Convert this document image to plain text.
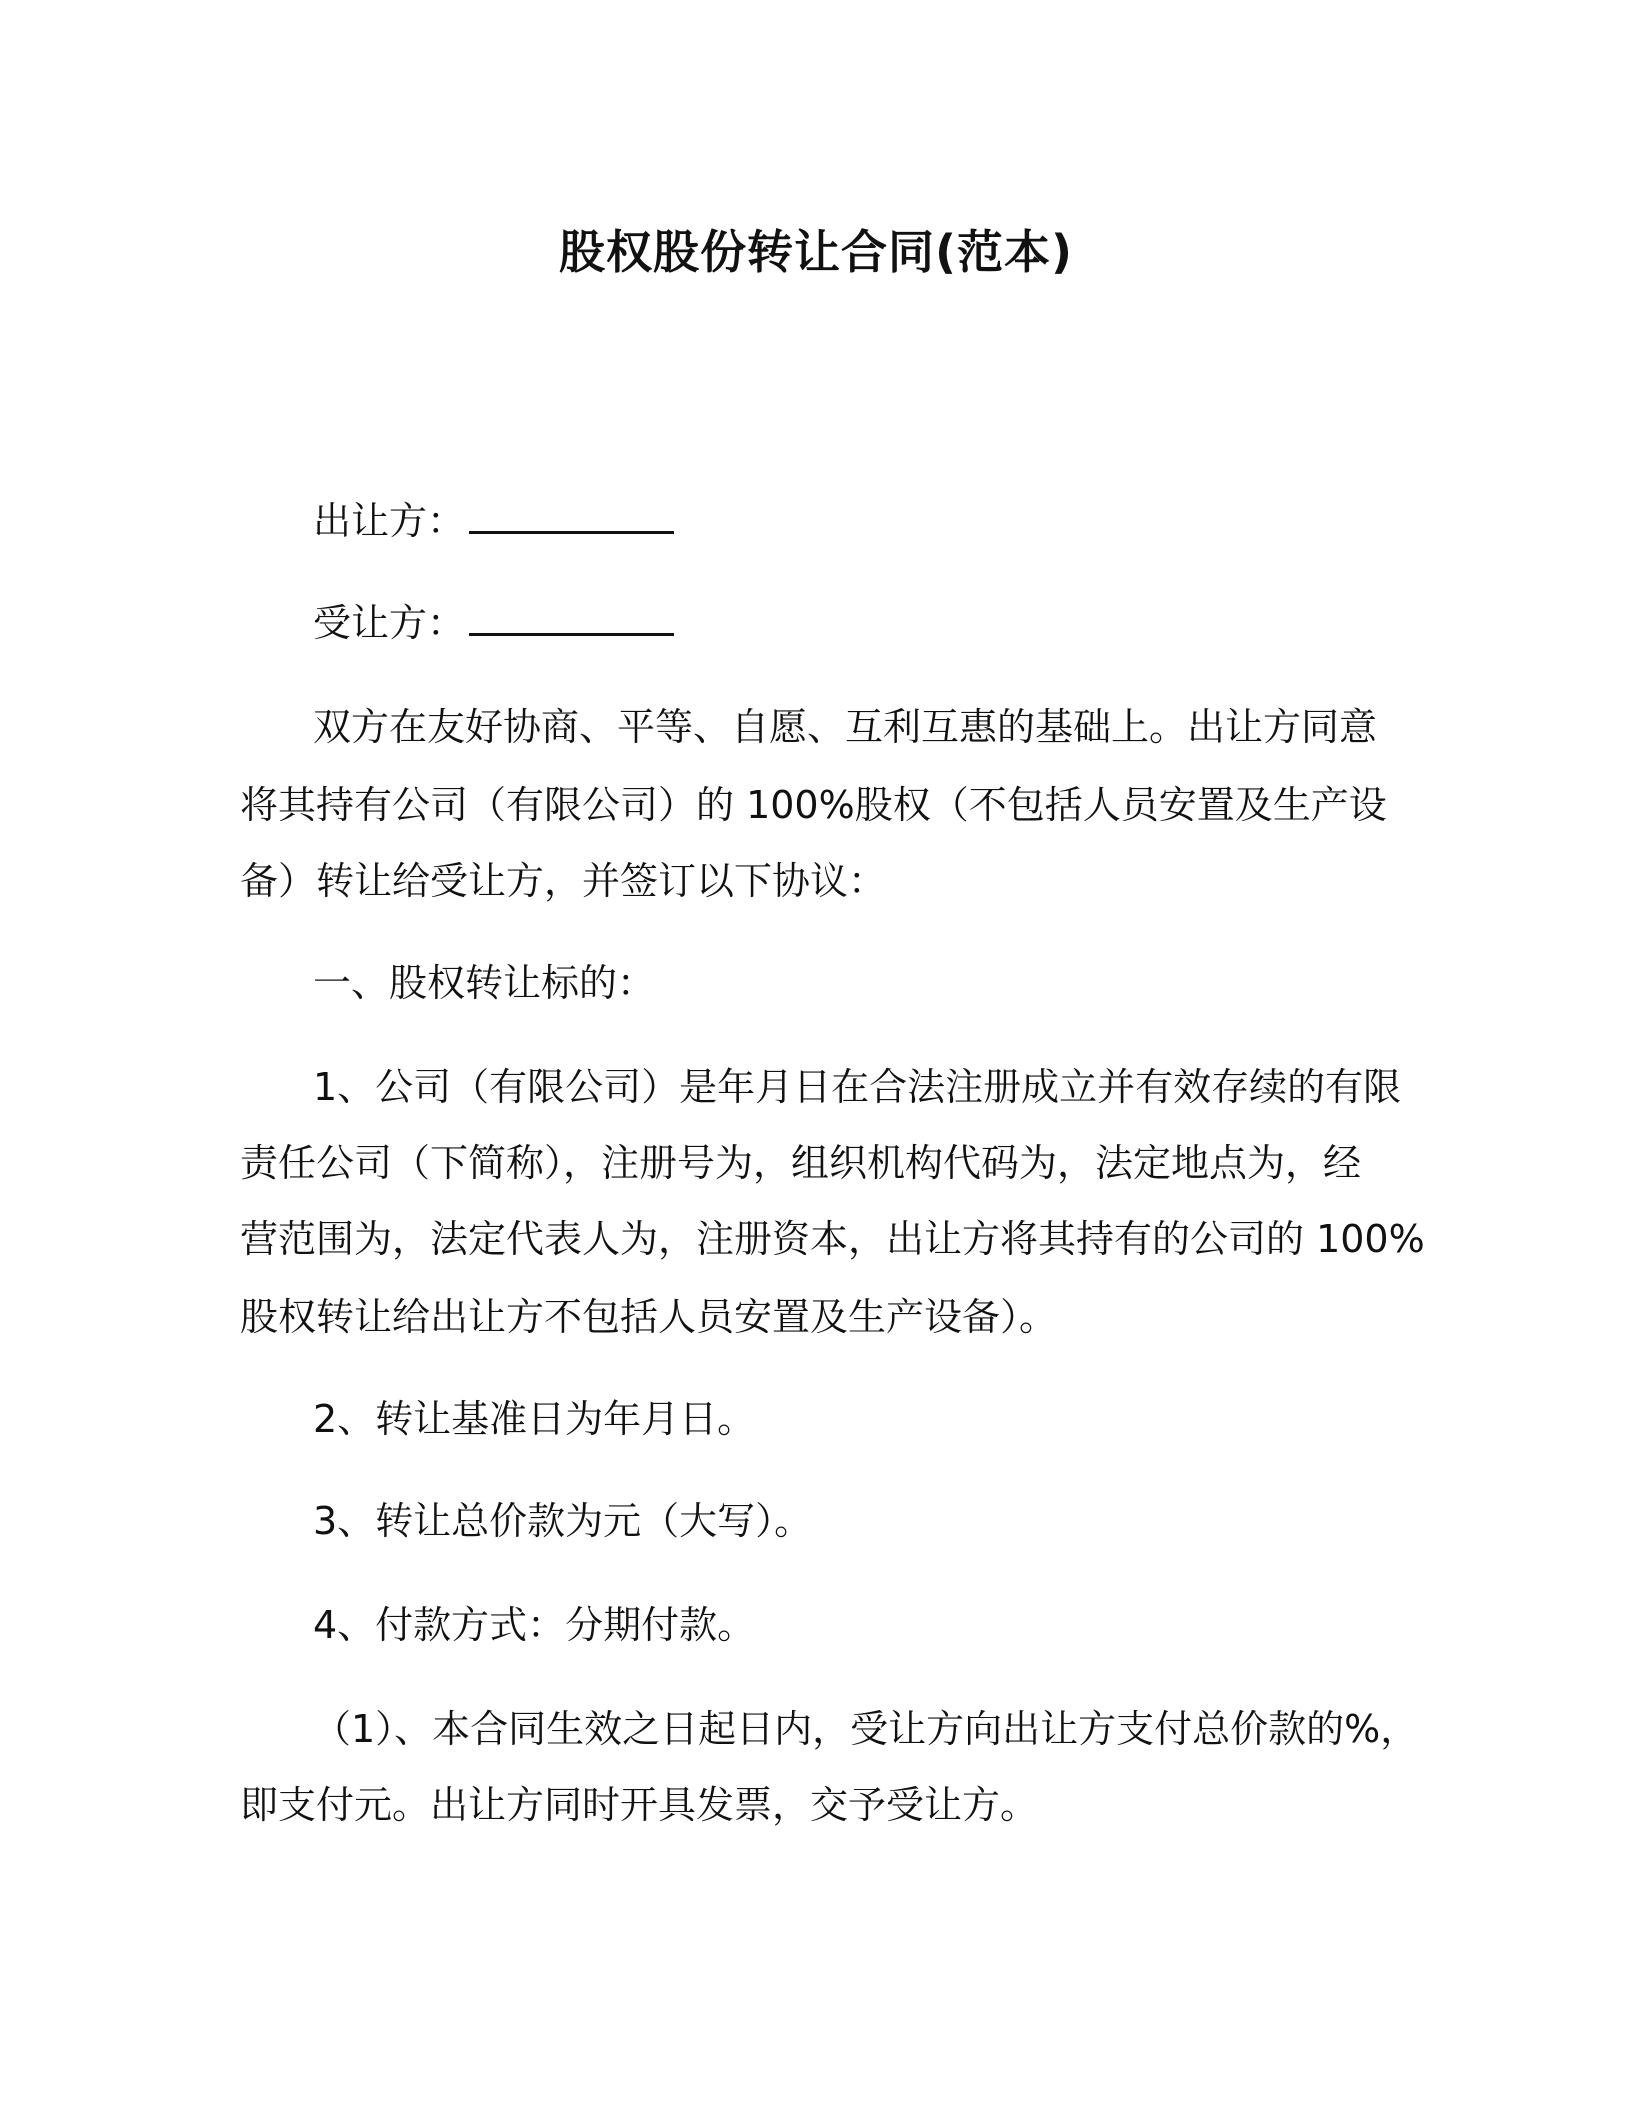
股权股份转让合同(范本)
出让方：
受让方：
双方在友好协商、平等、自愿、互利互惠的基础上。出让方同意
将其持有公司（有限公司）的 100%股权（不包括人员安置及生产设
备）转让给受让方，并签订以下协议：
一、股权转让标的：
1、公司（有限公司）是年月日在合法注册成立并有效存续的有限
责任公司（下简称），注册号为，组织机构代码为，法定地点为，经
营范围为，法定代表人为，注册资本，出让方将其持有的公司的 100%
股权转让给出让方不包括人员安置及生产设备）。
2、转让基准日为年月日。
3、转让总价款为元（大写）。
4、付款方式：分期付款。
（1）、本合同生效之日起日内，受让方向出让方支付总价款的%，
即支付元。出让方同时开具发票，交予受让方。
